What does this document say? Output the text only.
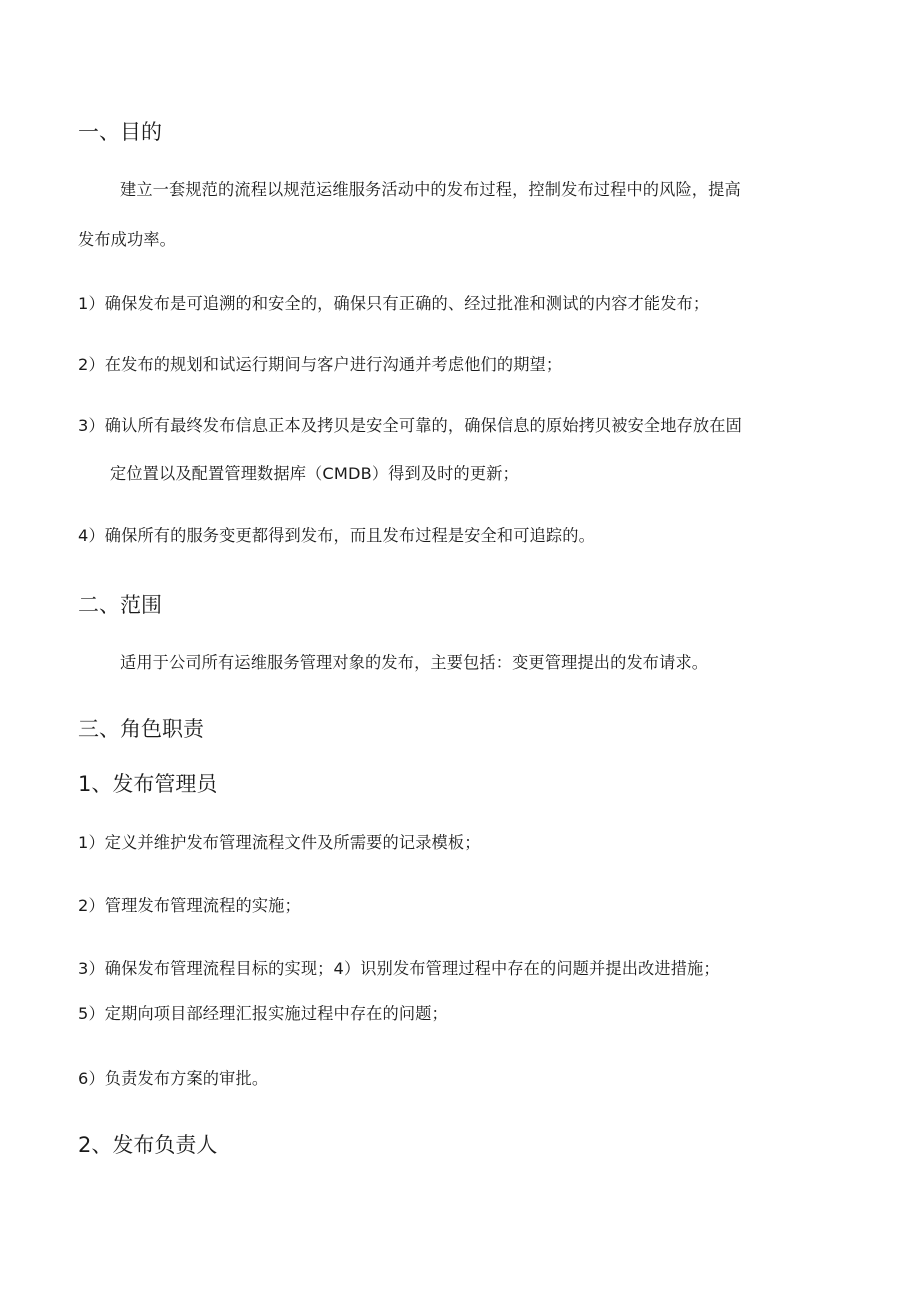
一、目的
建立一套规范的流程以规范运维服务活动中的发布过程，控制发布过程中的风险，提高
发布成功率。
1）确保发布是可追溯的和安全的，确保只有正确的、经过批准和测试的内容才能发布；
2）在发布的规划和试运行期间与客户进行沟通并考虑他们的期望；
3）确认所有最终发布信息正本及拷贝是安全可靠的，确保信息的原始拷贝被安全地存放在固
定位置以及配置管理数据库（CMDB）得到及时的更新；
4）确保所有的服务变更都得到发布，而且发布过程是安全和可追踪的。
二、范围
适用于公司所有运维服务管理对象的发布，主要包括：变更管理提出的发布请求。
三、角色职责
1、发布管理员
1）定义并维护发布管理流程文件及所需要的记录模板；
2）管理发布管理流程的实施；
3）确保发布管理流程目标的实现；4）识别发布管理过程中存在的问题并提出改进措施；
5）定期向项目部经理汇报实施过程中存在的问题；
6）负责发布方案的审批。
2、发布负责人
